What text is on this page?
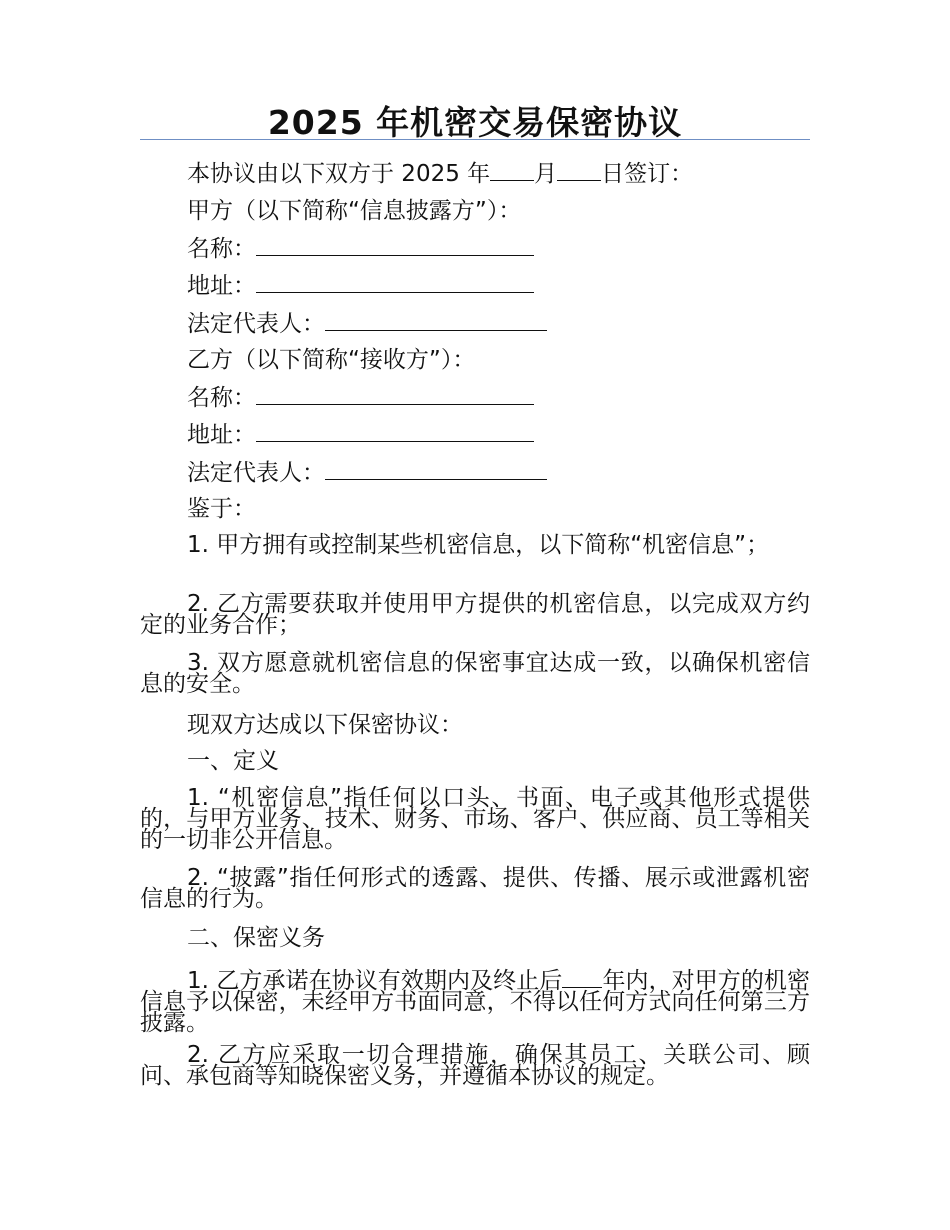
2025 年机密交易保密协议

本协议由以下双方于 2025 年 月 日签订：

甲方（以下简称“信息披露方”）：

名称：

地址：

法定代表人：

乙方（以下简称“接收方”）：

名称：

地址：

法定代表人：

鉴于：

1. 甲方拥有或控制某些机密信息，以下简称“机密信息”；

2. 乙方需要获取并使用甲方提供的机密信息，以完成双方约定的业务合作；

3. 双方愿意就机密信息的保密事宜达成一致，以确保机密信息的安全。

现双方达成以下保密协议：

一、定义

1. “机密信息”指任何以口头、书面、电子或其他形式提供的，与甲方业务、技术、财务、市场、客户、供应商、员工等相关的一切非公开信息。

2. “披露”指任何形式的透露、提供、传播、展示或泄露机密信息的行为。

二、保密义务

1. 乙方承诺在协议有效期内及终止后 年内，对甲方的机密信息予以保密，未经甲方书面同意，不得以任何方式向任何第三方披露。

2. 乙方应采取一切合理措施，确保其员工、关联公司、顾问、承包商等知晓保密义务，并遵循本协议的规定。
